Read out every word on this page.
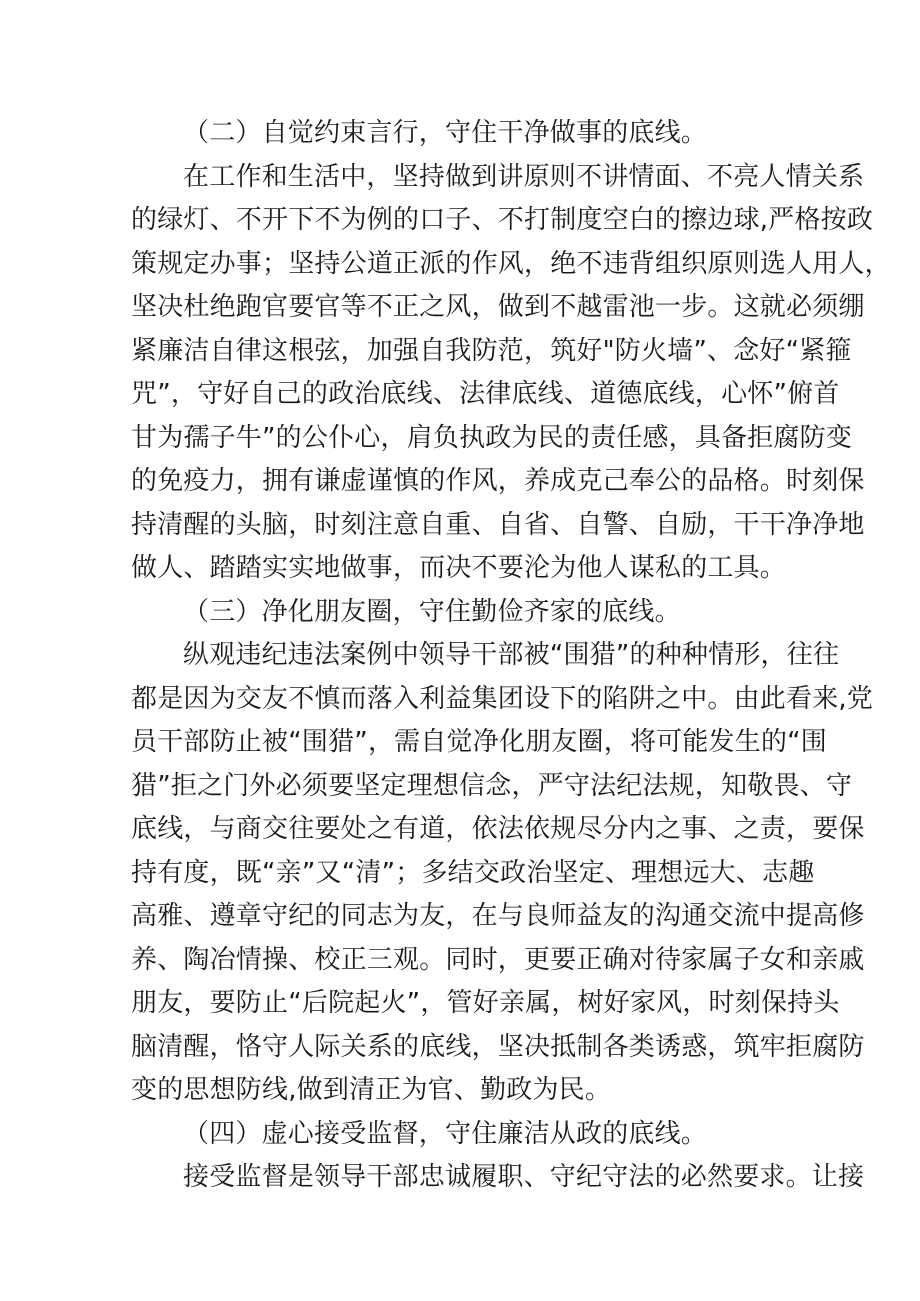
（二）自觉约束言行，守住干净做事的底线。
在工作和生活中，坚持做到讲原则不讲情面、不亮人情关系
的绿灯、不开下不为例的口子、不打制度空白的擦边球,严格按政
策规定办事；坚持公道正派的作风，绝不违背组织原则选人用人，
坚决杜绝跑官要官等不正之风，做到不越雷池一步。这就必须绷
紧廉洁自律这根弦，加强自我防范，筑好"防火墙”、念好“紧箍
咒”，守好自己的政治底线、法律底线、道德底线，心怀”俯首
甘为孺子牛”的公仆心，肩负执政为民的责任感，具备拒腐防变
的免疫力，拥有谦虚谨慎的作风，养成克己奉公的品格。时刻保
持清醒的头脑，时刻注意自重、自省、自警、自励，干干净净地
做人、踏踏实实地做事，而决不要沦为他人谋私的工具。
（三）净化朋友圈，守住勤俭齐家的底线。
纵观违纪违法案例中领导干部被“围猎”的种种情形，往往
都是因为交友不慎而落入利益集团设下的陷阱之中。由此看来,党
员干部防止被“围猎”，需自觉净化朋友圈，将可能发生的“围
猎”拒之门外必须要坚定理想信念，严守法纪法规，知敬畏、守
底线，与商交往要处之有道，依法依规尽分内之事、之责，要保
持有度，既“亲”又“清”；多结交政治坚定、理想远大、志趣
高雅、遵章守纪的同志为友，在与良师益友的沟通交流中提高修
养、陶冶情操、校正三观。同时，更要正确对待家属子女和亲戚
朋友，要防止“后院起火”，管好亲属，树好家风，时刻保持头
脑清醒，恪守人际关系的底线，坚决抵制各类诱惑，筑牢拒腐防
变的思想防线,做到清正为官、勤政为民。
（四）虚心接受监督，守住廉洁从政的底线。
接受监督是领导干部忠诚履职、守纪守法的必然要求。让接
